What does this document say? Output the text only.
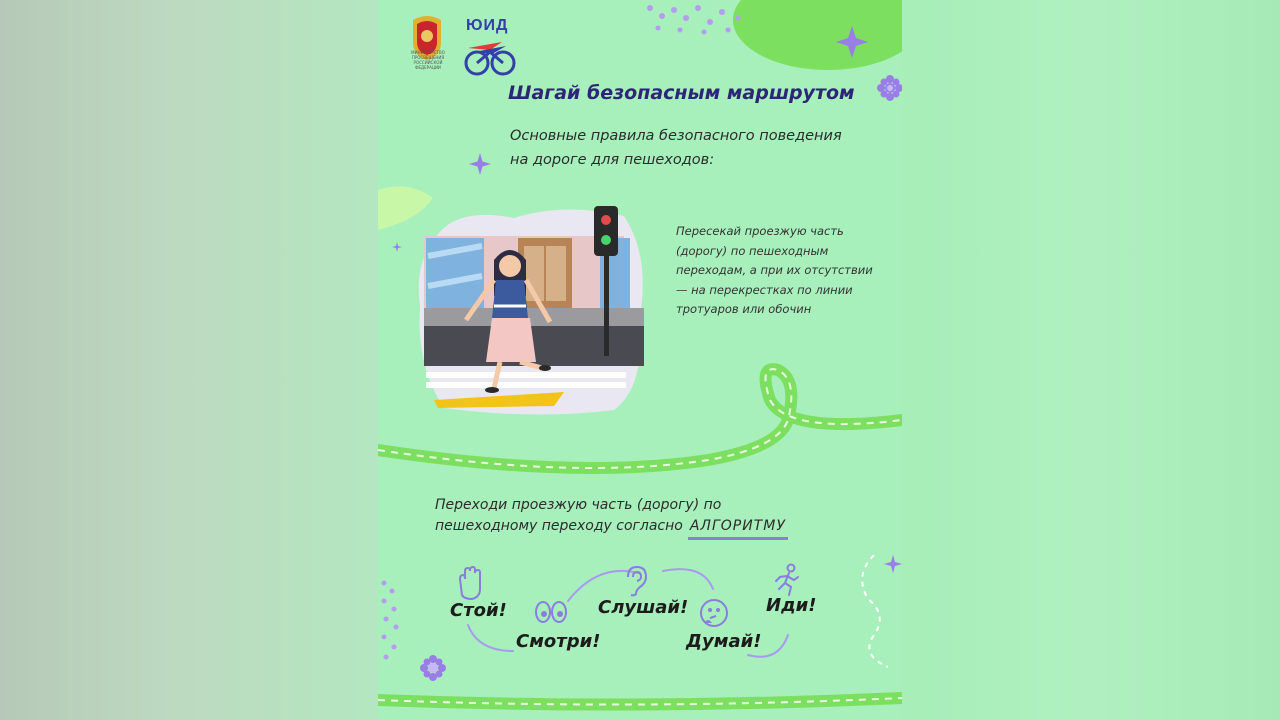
МИНИСТЕРСТВО ПРОСВЕЩЕНИЯ РОССИЙСКОЙ ФЕДЕРАЦИИ
ЮИД
Шагай безопасным маршрутом
Основные правила безопасного поведения
на дороге для пешеходов:
Пересекай проезжую часть (дорогу) по пешеходным переходам, а при их отсутствии — на перекрестках по линии тротуаров или обочин
Переходи проезжую часть (дорогу) по
пешеходному переходу согласно АЛГОРИТМУ
Стой!
Смотри!
Слушай!
Думай!
Иди!
